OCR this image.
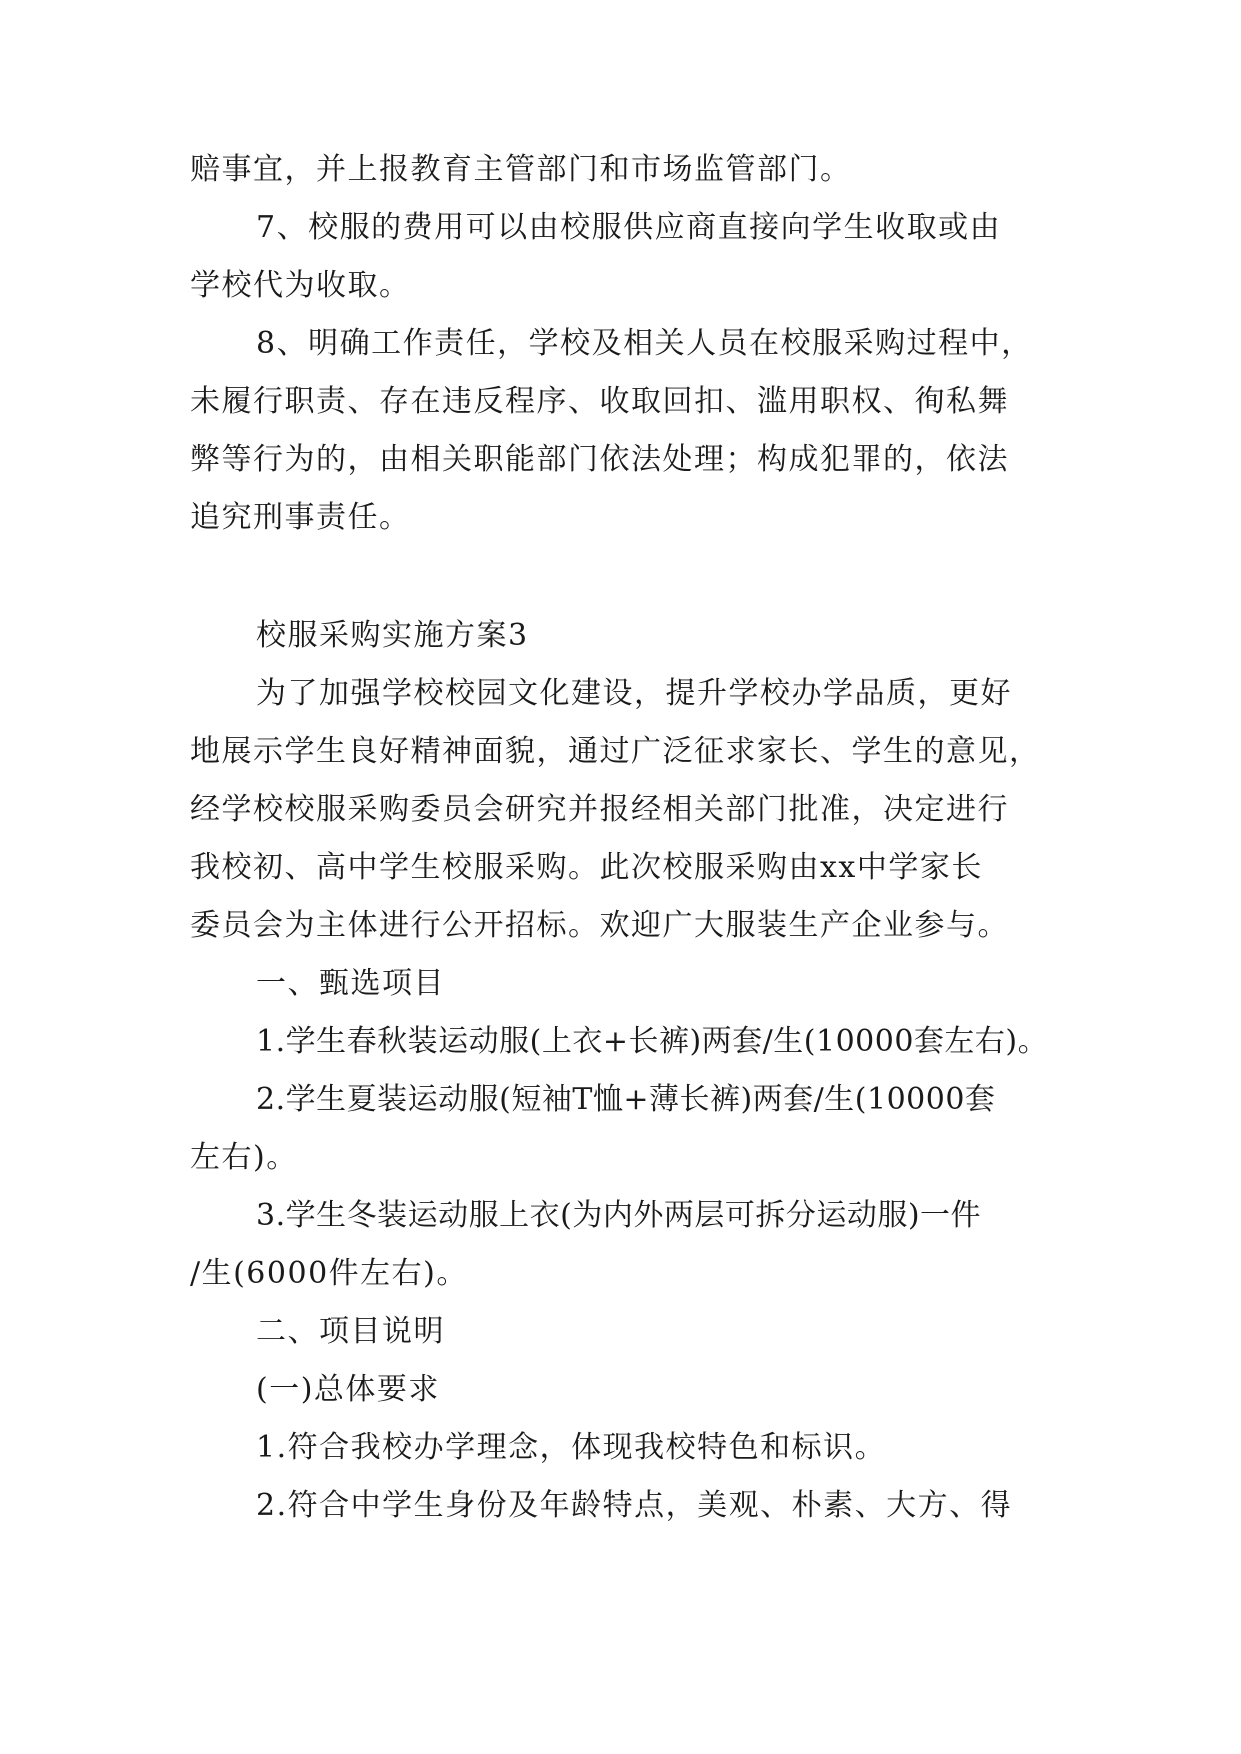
赔事宜，并上报教育主管部门和市场监管部门。
7、校服的费用可以由校服供应商直接向学生收取或由
学校代为收取。
8、明确工作责任，学校及相关人员在校服采购过程中，
未履行职责、存在违反程序、收取回扣、滥用职权、徇私舞
弊等行为的，由相关职能部门依法处理；构成犯罪的，依法
追究刑事责任。
校服采购实施方案3
为了加强学校校园文化建设，提升学校办学品质，更好
地展示学生良好精神面貌，通过广泛征求家长、学生的意见，
经学校校服采购委员会研究并报经相关部门批准，决定进行
我校初、高中学生校服采购。此次校服采购由xx中学家长
委员会为主体进行公开招标。欢迎广大服装生产企业参与。
一、甄选项目
1.学生春秋装运动服(上衣+长裤)两套/生(10000套左右)。
2.学生夏装运动服(短袖T恤+薄长裤)两套/生(10000套
左右)。
3.学生冬装运动服上衣(为内外两层可拆分运动服)一件
/生(6000件左右)。
二、项目说明
(一)总体要求
1.符合我校办学理念，体现我校特色和标识。
2.符合中学生身份及年龄特点，美观、朴素、大方、得
